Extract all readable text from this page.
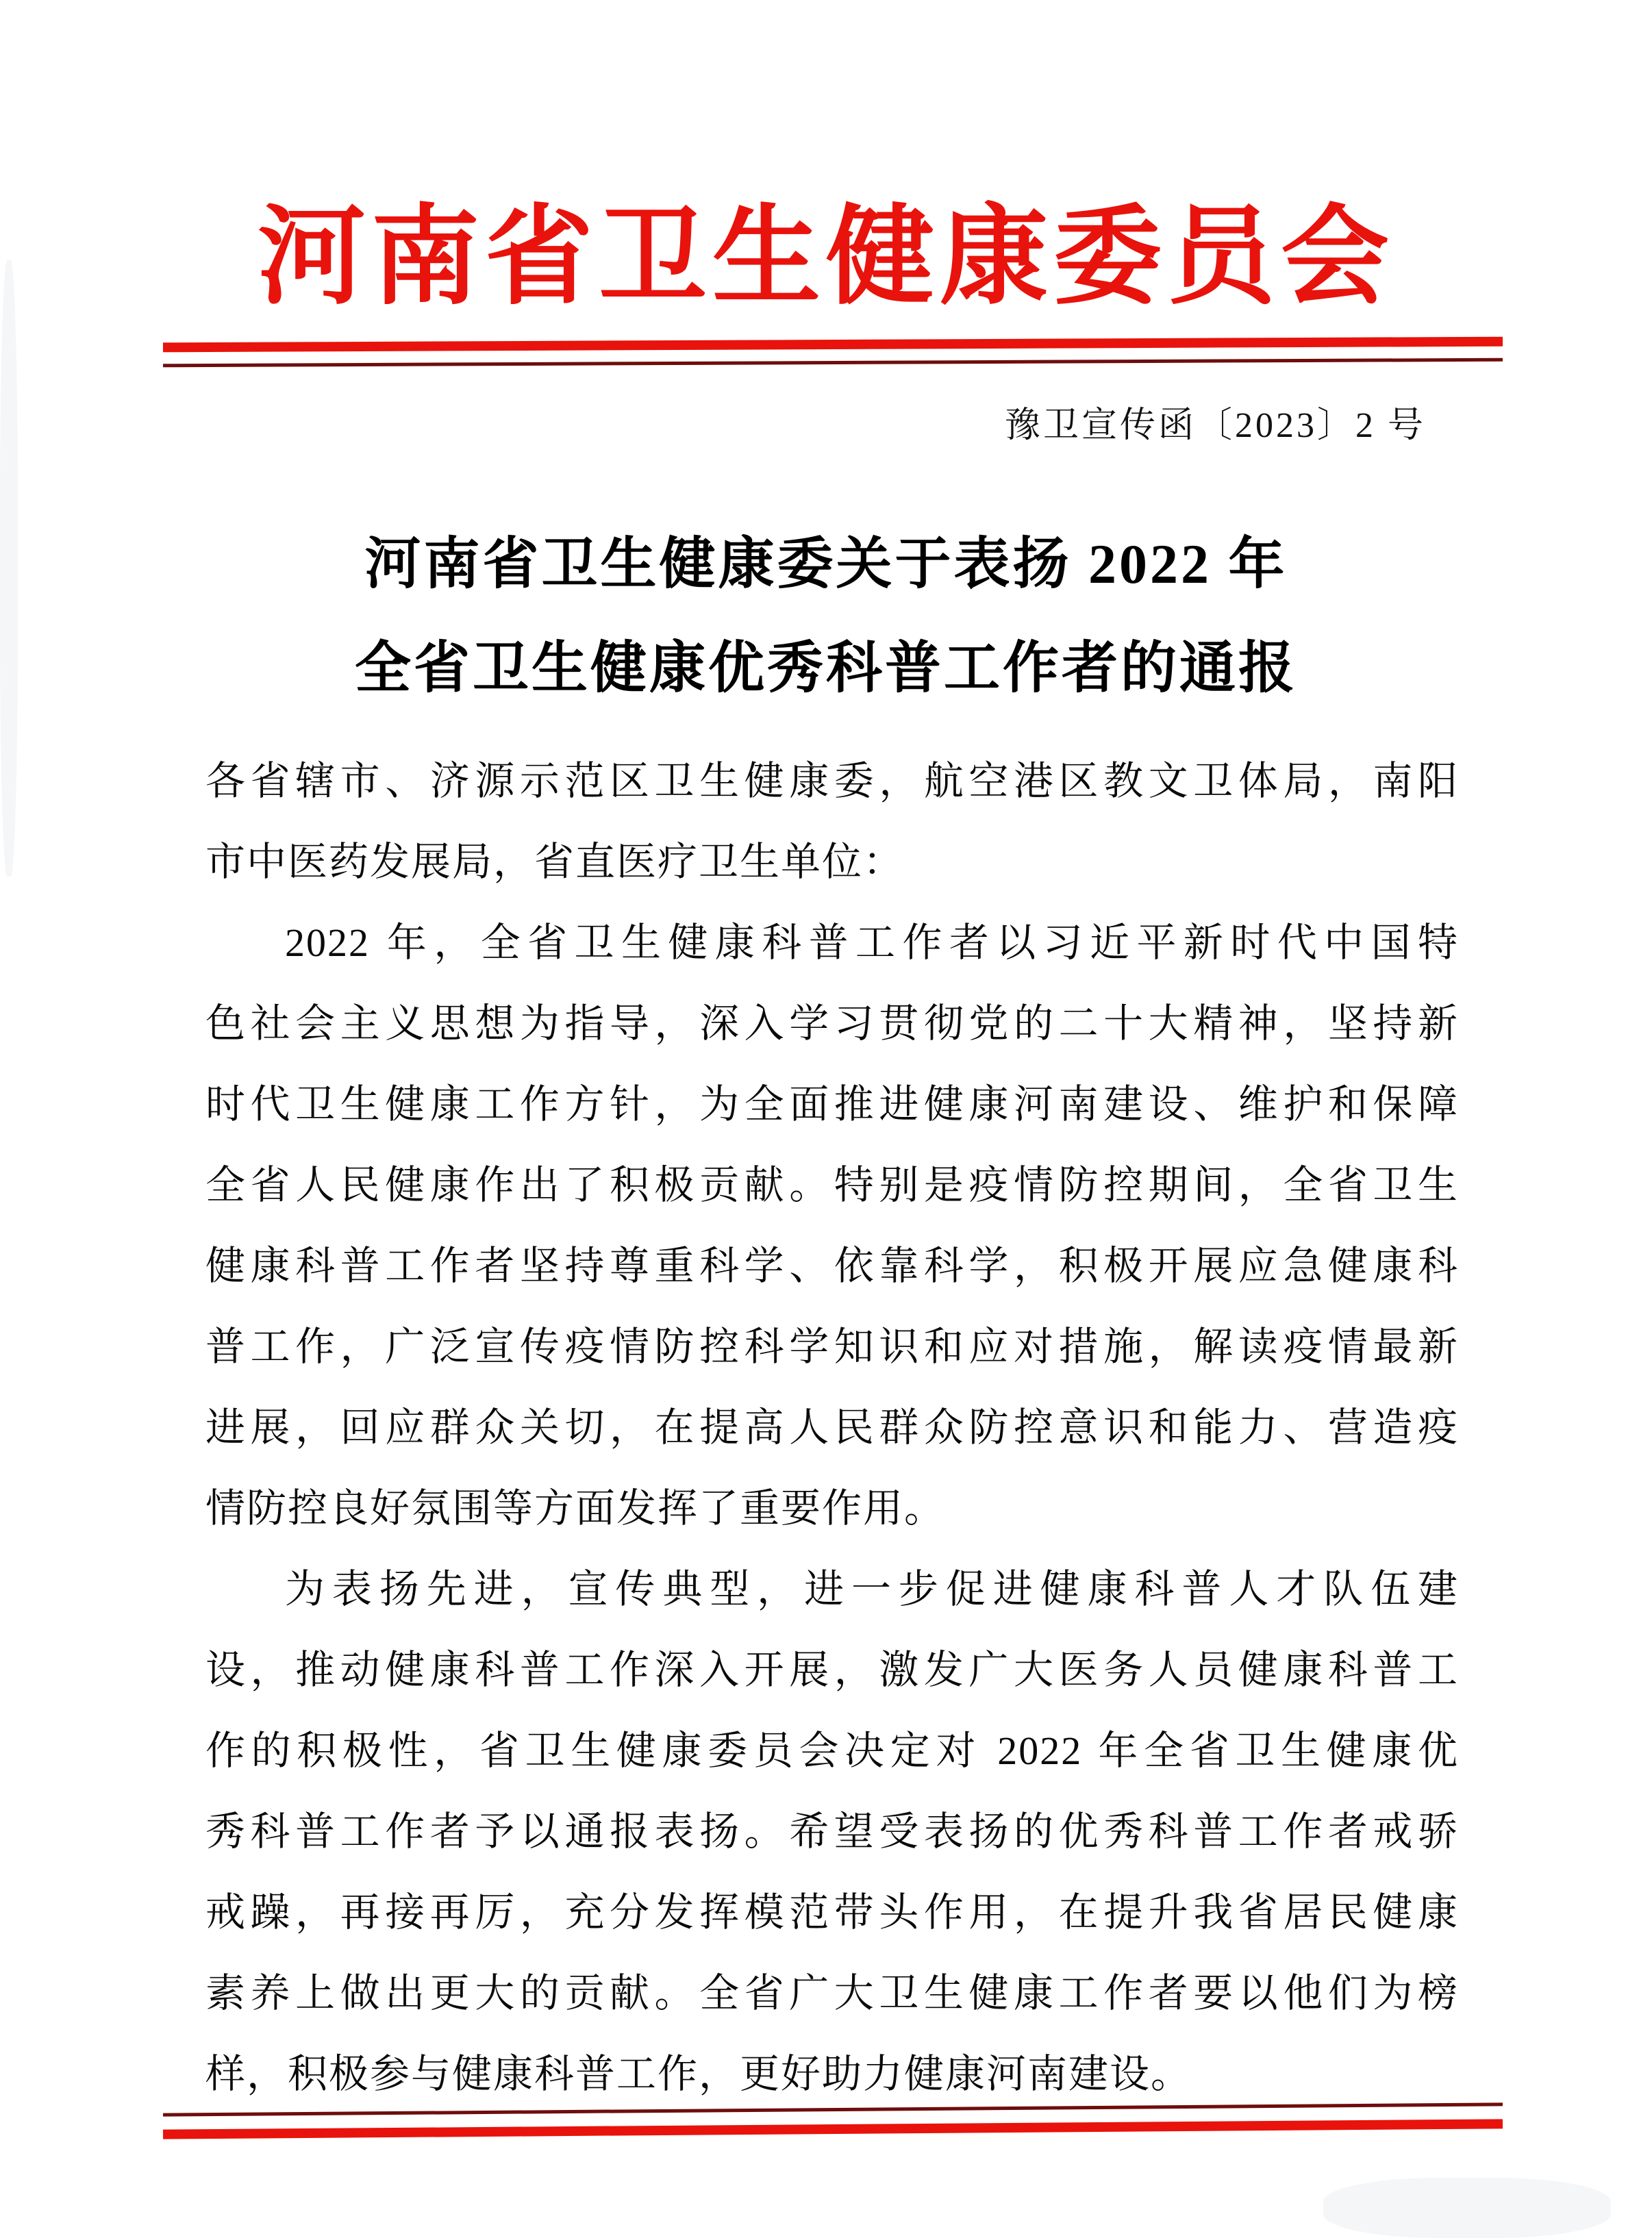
河南省卫生健康委员会
豫卫宣传函〔2023〕2 号
河南省卫生健康委关于表扬 2022 年
全省卫生健康优秀科普工作者的通报
各省辖市、济源示范区卫生健康委，航空港区教文卫体局，南阳
市中医药发展局，省直医疗卫生单位：
2022 年，全省卫生健康科普工作者以习近平新时代中国特
色社会主义思想为指导，深入学习贯彻党的二十大精神，坚持新
时代卫生健康工作方针，为全面推进健康河南建设、维护和保障
全省人民健康作出了积极贡献。特别是疫情防控期间，全省卫生
健康科普工作者坚持尊重科学、依靠科学，积极开展应急健康科
普工作，广泛宣传疫情防控科学知识和应对措施，解读疫情最新
进展，回应群众关切，在提高人民群众防控意识和能力、营造疫
情防控良好氛围等方面发挥了重要作用。
为表扬先进，宣传典型，进一步促进健康科普人才队伍建
设，推动健康科普工作深入开展，激发广大医务人员健康科普工
作的积极性，省卫生健康委员会决定对 2022 年全省卫生健康优
秀科普工作者予以通报表扬。希望受表扬的优秀科普工作者戒骄
戒躁，再接再厉，充分发挥模范带头作用，在提升我省居民健康
素养上做出更大的贡献。全省广大卫生健康工作者要以他们为榜
样，积极参与健康科普工作，更好助力健康河南建设。
